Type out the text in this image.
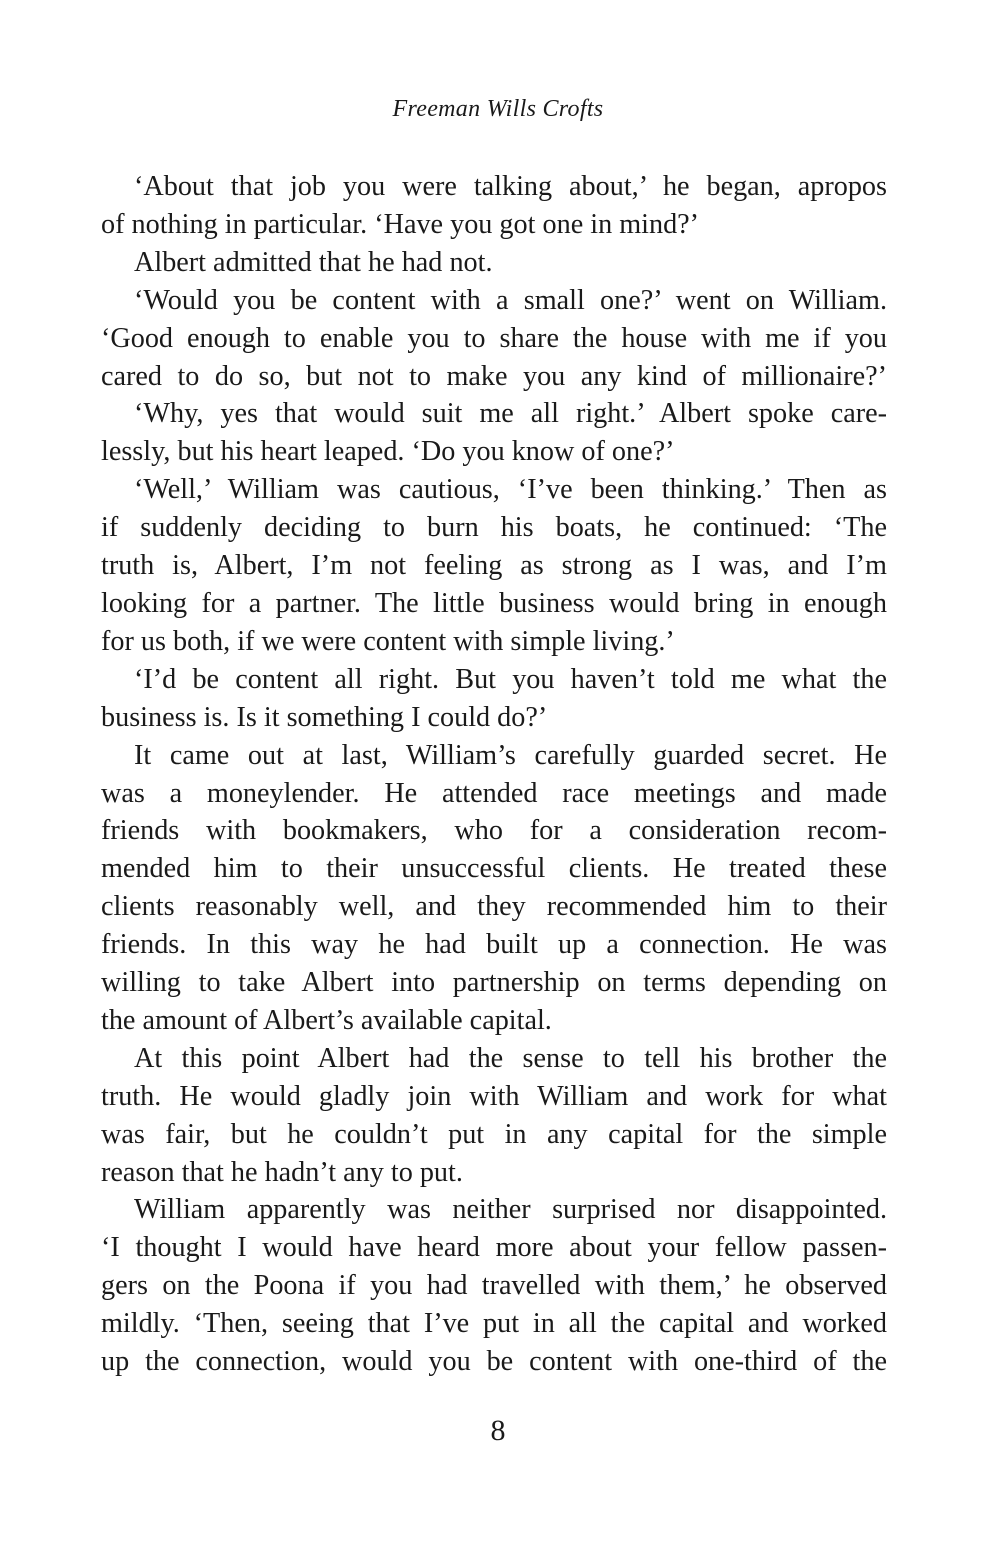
Freeman Wills Crofts
‘About that job you were talking about,’ he began, apropos
of nothing in particular. ‘Have you got one in mind?’
Albert admitted that he had not.
‘Would you be content with a small one?’ went on William.
‘Good enough to enable you to share the house with me if you
cared to do so, but not to make you any kind of millionaire?’
‘Why, yes that would suit me all right.’ Albert spoke care-
lessly, but his heart leaped. ‘Do you know of one?’
‘Well,’ William was cautious, ‘I’ve been thinking.’ Then as
if suddenly deciding to burn his boats, he continued: ‘The
truth is, Albert, I’m not feeling as strong as I was, and I’m
looking for a partner. The little business would bring in enough
for us both, if we were content with simple living.’
‘I’d be content all right. But you haven’t told me what the
business is. Is it something I could do?’
It came out at last, William’s carefully guarded secret. He
was a moneylender. He attended race meetings and made
friends with bookmakers, who for a consideration recom-
mended him to their unsuccessful clients. He treated these
clients reasonably well, and they recommended him to their
friends. In this way he had built up a connection. He was
willing to take Albert into partnership on terms depending on
the amount of Albert’s available capital.
At this point Albert had the sense to tell his brother the
truth. He would gladly join with William and work for what
was fair, but he couldn’t put in any capital for the simple
reason that he hadn’t any to put.
William apparently was neither surprised nor disappointed.
‘I thought I would have heard more about your fellow passen-
gers on the Poona if you had travelled with them,’ he observed
mildly. ‘Then, seeing that I’ve put in all the capital and worked
up the connection, would you be content with one-third of the
8
